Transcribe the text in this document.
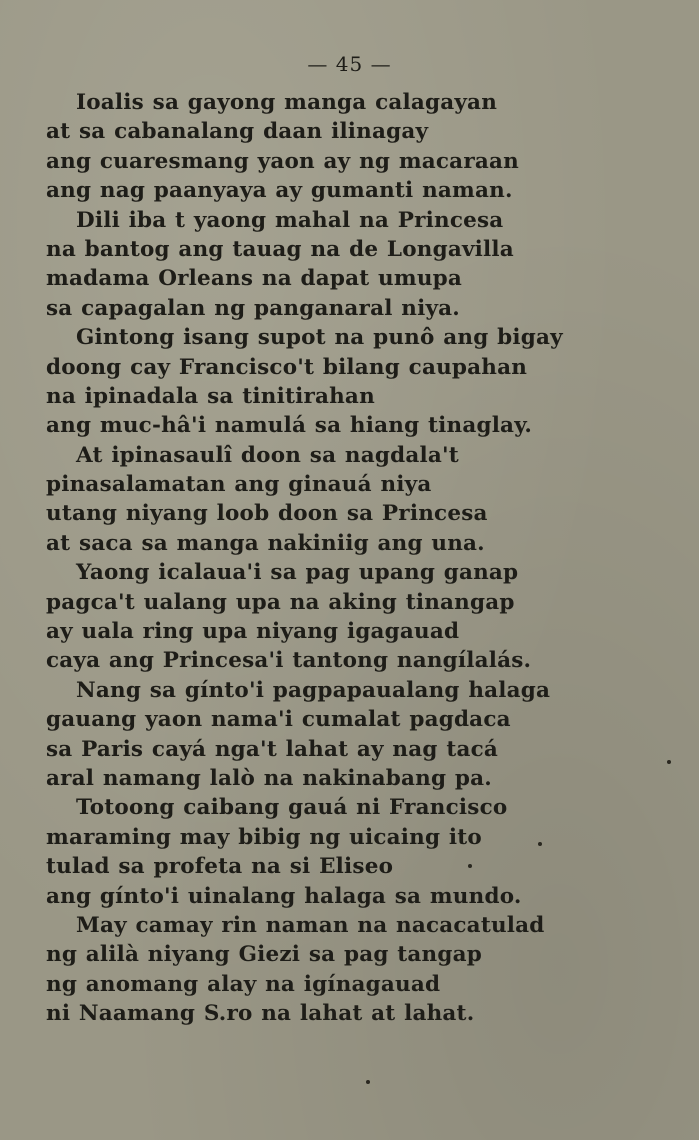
— 45 —
Ioalis sa gayong manga calagayan
at sa cabanalang daan ilinagay
ang cuaresmang yaon ay ng macaraan
ang nag paanyaya ay gumanti naman.
Dili iba t yaong mahal na Princesa
na bantog ang tauag na de Longavilla
madama Orleans na dapat umupa
sa capagalan ng panganaral niya.
Gintong isang supot na punô ang bigay
doong cay Francisco't bilang caupahan
na ipinadala sa tinitirahan
ang muc-hâ'i namulá sa hiang tinaglay.
At ipinasaulî doon sa nagdala't
pinasalamatan ang ginauá niya
utang niyang loob doon sa Princesa
at saca sa manga nakiniig ang una.
Yaong icalaua'i sa pag upang ganap
pagca't ualang upa na aking tinangap
ay uala ring upa niyang igagauad
caya ang Princesa'i tantong nangílalás.
Nang sa gínto'i pagpapaualang halaga
gauang yaon nama'i cumalat pagdaca
sa Paris cayá nga't lahat ay nag tacá
aral namang lalò na nakinabang pa.
Totoong caibang gauá ni Francisco
maraming may bibig ng uicaing ito
tulad sa profeta na si Eliseo
ang gínto'i uinalang halaga sa mundo.
May camay rin naman na nacacatulad
ng alilà niyang Giezi sa pag tangap
ng anomang alay na igínagauad
ni Naamang S.ro na lahat at lahat.
